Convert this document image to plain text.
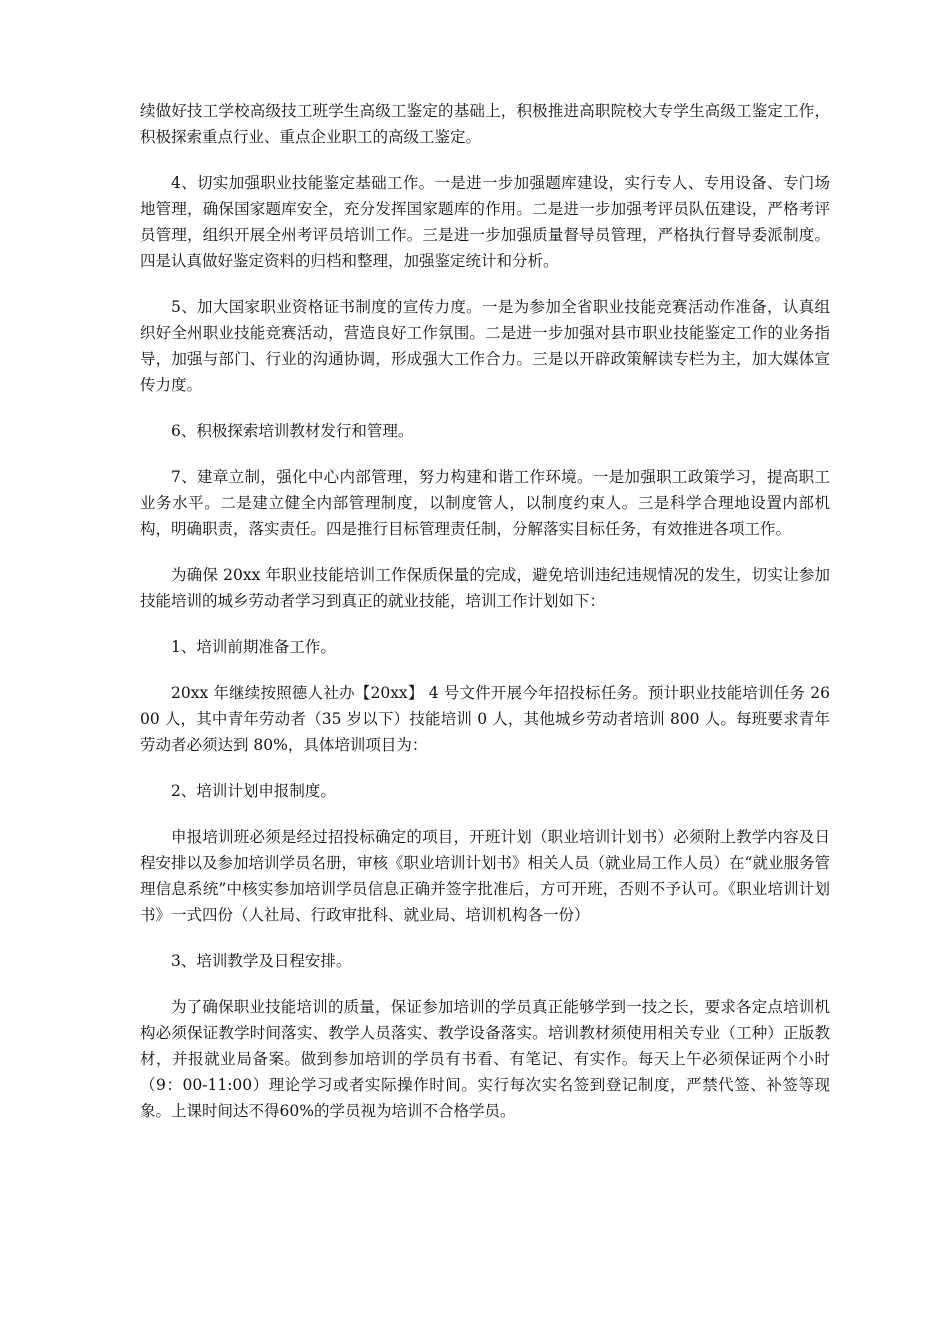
续做好技工学校高级技工班学生高级工鉴定的基础上，积极推进高职院校大专学生高级工鉴定工作，积极探索重点行业、重点企业职工的高级工鉴定。

4、切实加强职业技能鉴定基础工作。一是进一步加强题库建设，实行专人、专用设备、专门场地管理，确保国家题库安全，充分发挥国家题库的作用。二是进一步加强考评员队伍建设，严格考评员管理，组织开展全州考评员培训工作。三是进一步加强质量督导员管理，严格执行督导委派制度。四是认真做好鉴定资料的归档和整理，加强鉴定统计和分析。

5、加大国家职业资格证书制度的宣传力度。一是为参加全省职业技能竞赛活动作准备，认真组织好全州职业技能竞赛活动，营造良好工作氛围。二是进一步加强对县市职业技能鉴定工作的业务指导，加强与部门、行业的沟通协调，形成强大工作合力。三是以开辟政策解读专栏为主，加大媒体宣传力度。

6、积极探索培训教材发行和管理。

7、建章立制，强化中心内部管理，努力构建和谐工作环境。一是加强职工政策学习，提高职工业务水平。二是建立健全内部管理制度，以制度管人，以制度约束人。三是科学合理地设置内部机构，明确职责，落实责任。四是推行目标管理责任制，分解落实目标任务，有效推进各项工作。

为确保 20xx 年职业技能培训工作保质保量的完成，避免培训违纪违规情况的发生，切实让参加技能培训的城乡劳动者学习到真正的就业技能，培训工作计划如下：

1、培训前期准备工作。

20xx 年继续按照德人社办【20xx】 4 号文件开展今年招投标任务。预计职业技能培训任务 2600 人，其中青年劳动者（35 岁以下）技能培训 0 人，其他城乡劳动者培训 800 人。每班要求青年劳动者必须达到 80%，具体培训项目为：

2、培训计划申报制度。

申报培训班必须是经过招投标确定的项目，开班计划（职业培训计划书）必须附上教学内容及日程安排以及参加培训学员名册，审核《职业培训计划书》相关人员（就业局工作人员）在“就业服务管理信息系统”中核实参加培训学员信息正确并签字批准后，方可开班，否则不予认可。《职业培训计划书》一式四份（人社局、行政审批科、就业局、培训机构各一份）

3、培训教学及日程安排。

为了确保职业技能培训的质量，保证参加培训的学员真正能够学到一技之长，要求各定点培训机构必须保证教学时间落实、教学人员落实、教学设备落实。培训教材须使用相关专业（工种）正版教材，并报就业局备案。做到参加培训的学员有书看、有笔记、有实作。每天上午必须保证两个小时（9：00-11:00）理论学习或者实际操作时间。实行每次实名签到登记制度，严禁代签、补签等现象。上课时间达不得60%的学员视为培训不合格学员。
